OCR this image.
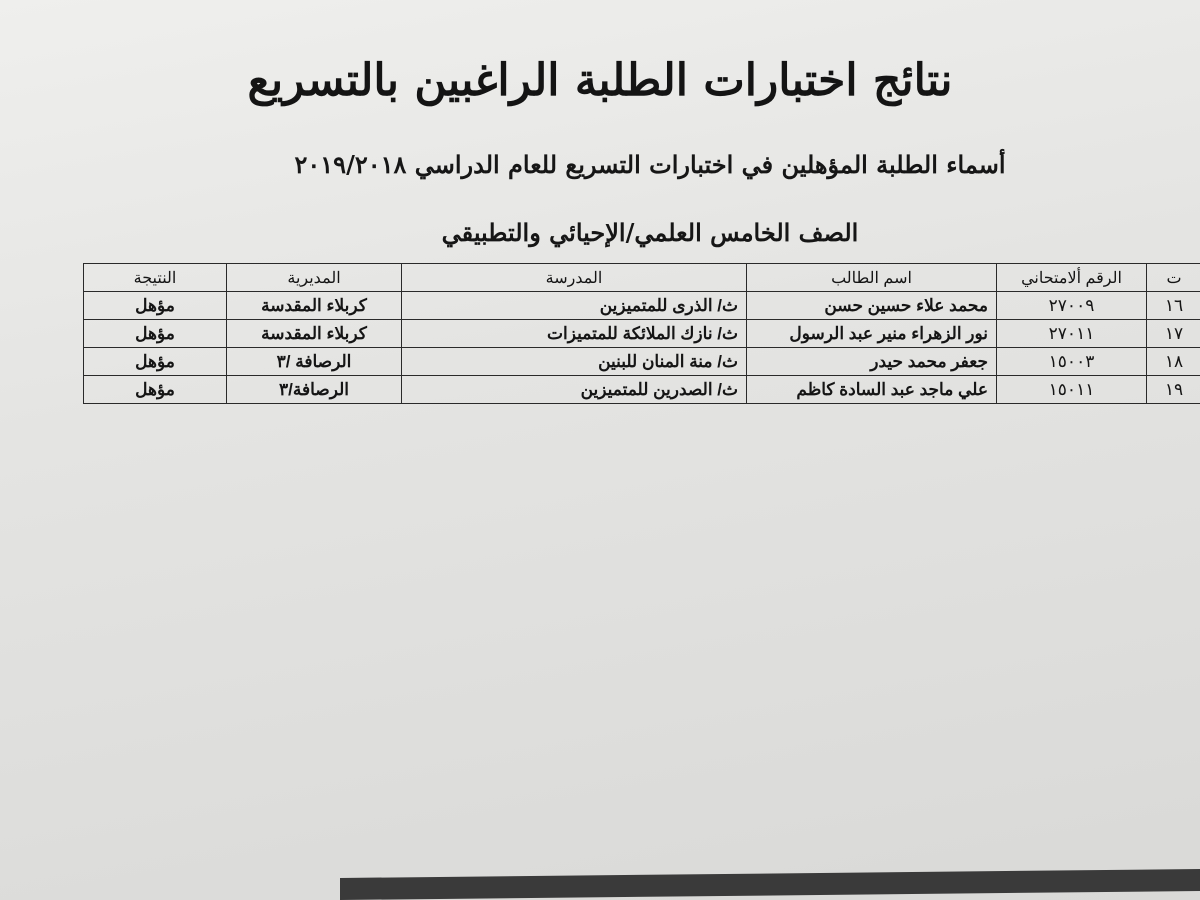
نتائج اختبارات الطلبة الراغبين بالتسريع
أسماء الطلبة المؤهلين في اختبارات التسريع للعام الدراسي ٢٠١٩/٢٠١٨
الصف الخامس العلمي/الإحيائي والتطبيقي
ت	الرقم ألامتحاني	اسم الطالب	المدرسة	المديرية	النتيجة
١٦	٢٧٠٠٩	محمد علاء حسين حسن	ث/ الذرى للمتميزين	كربلاء المقدسة	مؤهل
١٧	٢٧٠١١	نور الزهراء منير عبد الرسول	ث/ نازك الملائكة للمتميزات	كربلاء المقدسة	مؤهل
١٨	١٥٠٠٣	جعفر محمد حيدر	ث/ منة المنان للبنين	الرصافة /٣	مؤهل
١٩	١٥٠١١	علي ماجد عبد السادة كاظم	ث/ الصدرين للمتميزين	الرصافة/٣	مؤهل
